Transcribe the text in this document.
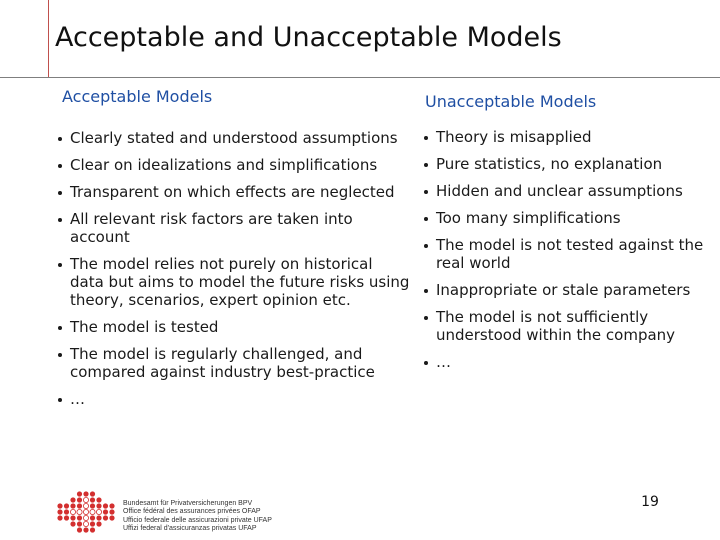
Acceptable and Unacceptable Models
Acceptable Models
Clearly stated and understood assumptions
Clear on idealizations and simplifications
Transparent on which effects are neglected
All relevant risk factors are taken into account
The model relies not purely on historical data but aims to model the future risks using theory, scenarios, expert opinion etc.
The model is tested
The model is regularly challenged, and compared against industry best-practice
…
Unacceptable Models
Theory is misapplied
Pure statistics, no explanation
Hidden and unclear assumptions
Too many simplifications
The model is not tested against the real world
Inappropriate or stale parameters
The model is not sufficiently understood within the company
…
Bundesamt für Privatversicherungen BPV
Office fédéral des assurances privées OFAP
Ufficio federale delle assicurazioni private UFAP
Uffizi federal d'assicuranzas privatas UFAP
19
